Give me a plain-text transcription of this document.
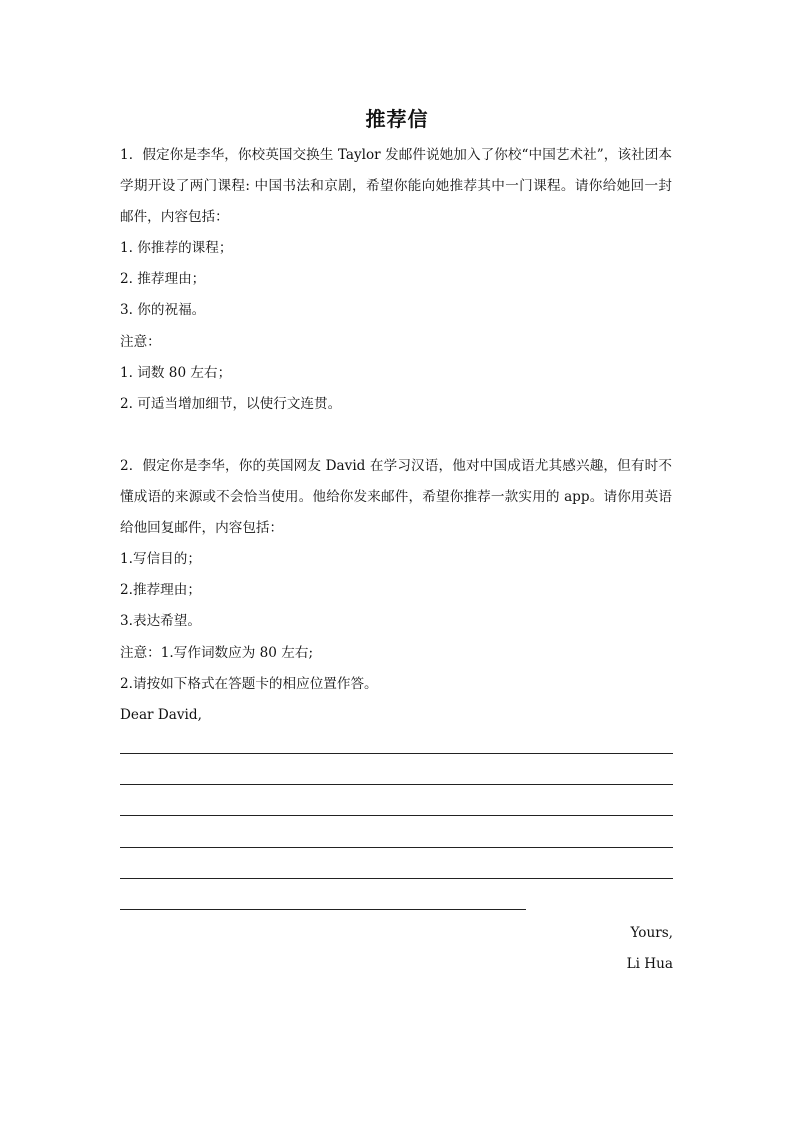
推荐信
1．假定你是李华，你校英国交换生 Taylor 发邮件说她加入了你校“中国艺术社”，该社团本
学期开设了两门课程: 中国书法和京剧，希望你能向她推荐其中一门课程。请你给她回一封
邮件，内容包括：
1. 你推荐的课程；
2. 推荐理由；
3. 你的祝福。
注意：
1. 词数 80 左右；
2. 可适当增加细节，以使行文连贯。
2．假定你是李华，你的英国网友 David 在学习汉语，他对中国成语尤其感兴趣，但有时不
懂成语的来源或不会恰当使用。他给你发来邮件，希望你推荐一款实用的 app。请你用英语
给他回复邮件，内容包括：
1.写信目的；
2.推荐理由；
3.表达希望。
注意：1.写作词数应为 80 左右;
2.请按如下格式在答题卡的相应位置作答。
Dear David,
Yours,
Li Hua
